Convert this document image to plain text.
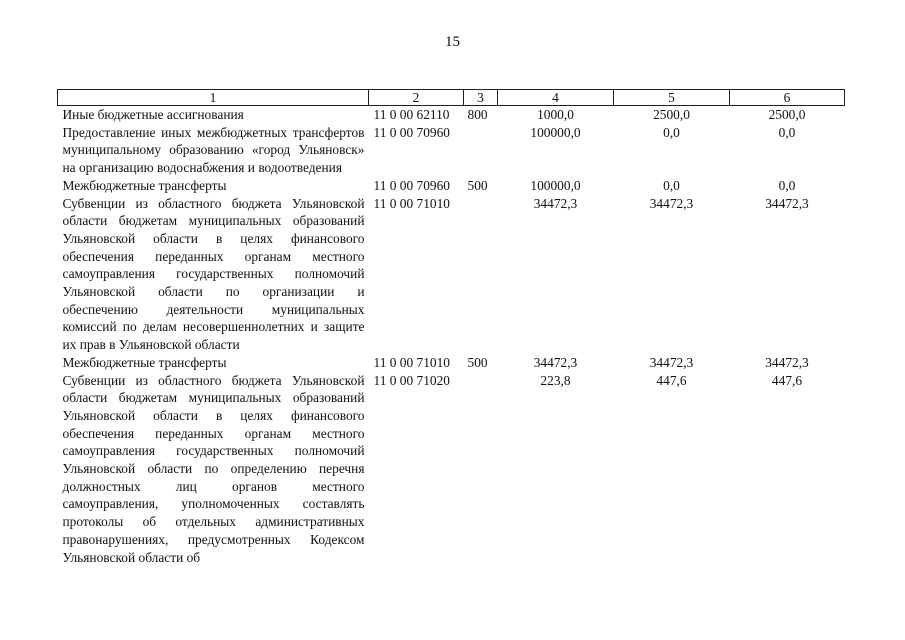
15
1	2	3	4	5	6
Иные бюджетные ассигнования	11 0 00 62110	800	1000,0	2500,0	2500,0
Предоставление иных межбюджетных трансфертов муниципальному образованию «город Ульяновск» на организацию водоснабжения и водоотведения	11 0 00 70960		100000,0	0,0	0,0
Межбюджетные трансферты	11 0 00 70960	500	100000,0	0,0	0,0
Субвенции из областного бюджета Ульяновской области бюджетам муниципальных образований Ульяновской области в целях финансового обеспечения переданных органам местного самоуправления государственных полномочий Ульяновской области по организации и обеспечению деятельности муниципальных комиссий по делам несовершеннолетних и защите их прав в Ульяновской области	11 0 00 71010		34472,3	34472,3	34472,3
Межбюджетные трансферты	11 0 00 71010	500	34472,3	34472,3	34472,3
Субвенции из областного бюджета Ульяновской области бюджетам муниципальных образований Ульяновской области в целях финансового обеспечения переданных органам местного самоуправления государственных полномочий Ульяновской области по определению перечня должностных лиц органов местного самоуправления, уполномоченных составлять протоколы об отдельных административных правонарушениях, предусмотренных Кодексом Ульяновской области об	11 0 00 71020		223,8	447,6	447,6
